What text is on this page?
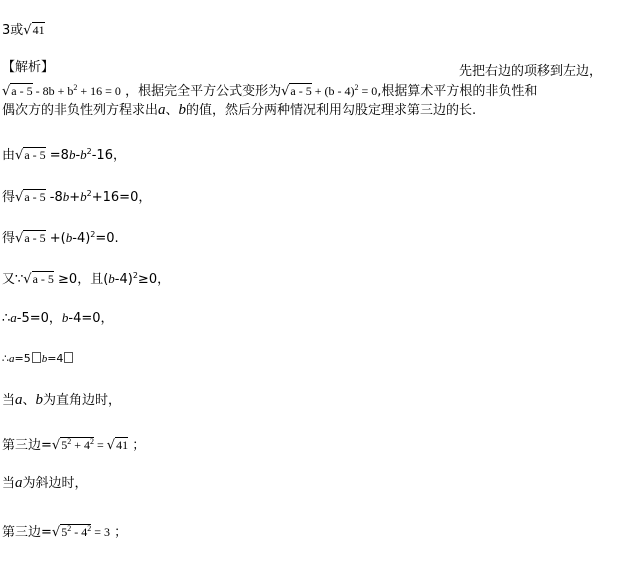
3或√41
【解析】	先把右边的项移到左边，
$√a - 5 - 8b + b^2 + 16 = 0$ ，根据完全平方公式变形为√a - 5 + (b - 4)$^2$ = 0,根据算术平方根的非负性和
偶次方的非负性列方程求出a、b的值，然后分两种情况利用勾股定理求第三边的长.
由$√a - 5 =8b-b^2-16$，
得√a - 5 $-8b+b^2+16=0$，
得$√a - 5 +(b-4)^2=0$.
又∵√a - 5 ≥0，且$(b-4)^2\ge 0$，
∴a-5=0，b-4=0，
∴a=5 b=4
当a、b为直角边时，
第三边$=√5^2 + 4^2 = √41$ ；
当a为斜边时，
第三边$=√5^2 - 4^2 = 3$ ；
